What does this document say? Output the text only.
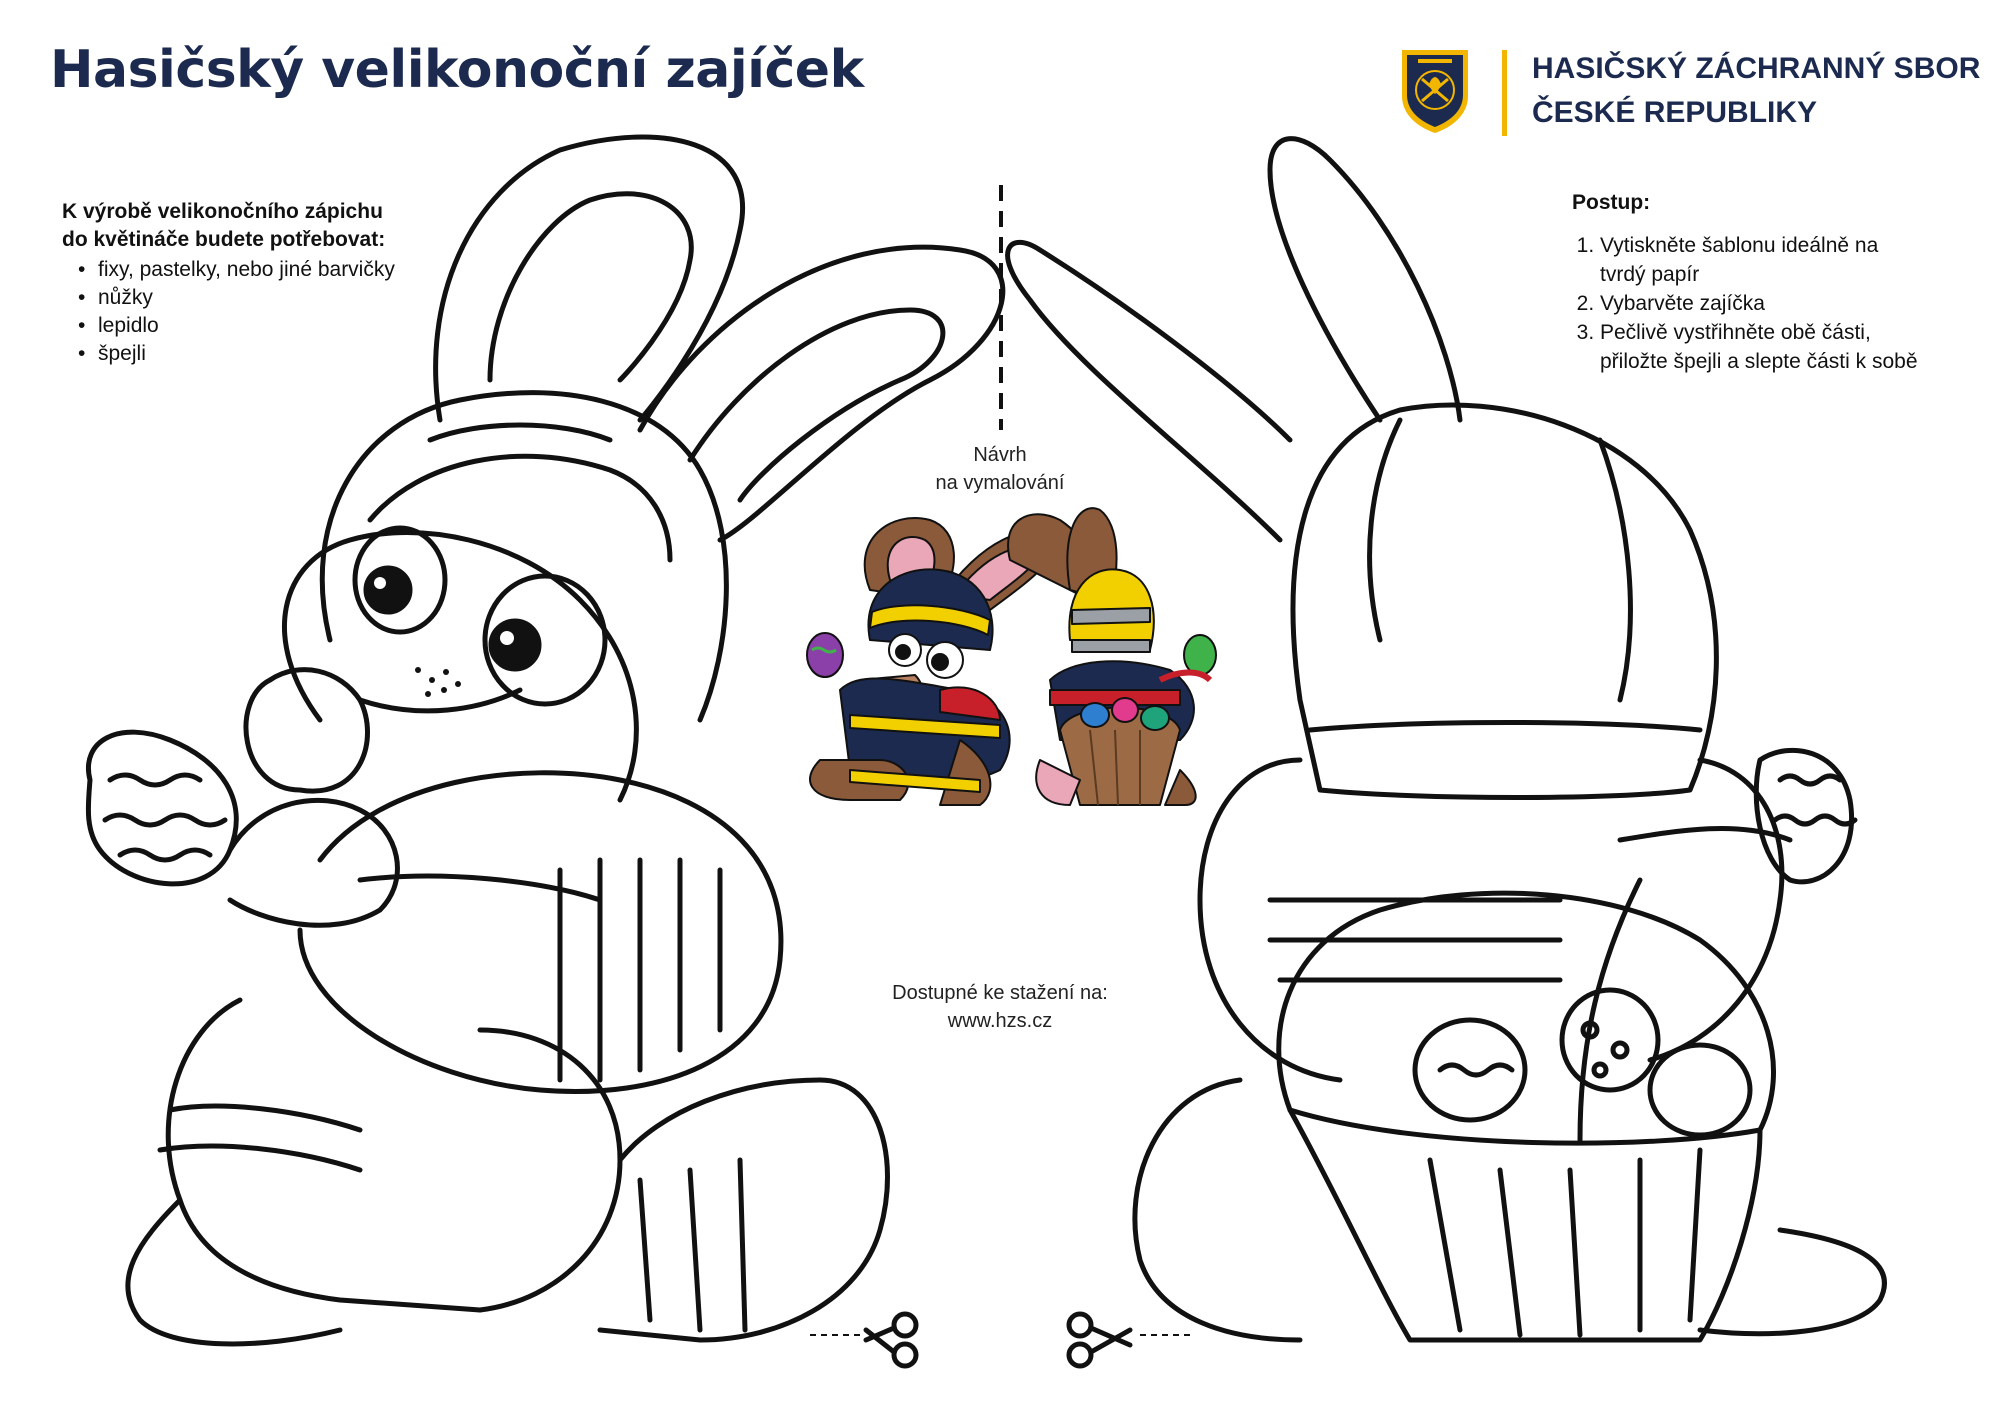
Hasičský velikonoční zajíček	HASIČSKÝ ZÁCHRANNÝ SBOR
ČESKÉ REPUBLIKY

K výrobě velikonočního zápichu
do květináče budete potřebovat:

• fixy, pastelky, nebo jiné barvičky
• nůžky
• lepidlo
• špejli

Postup:

1. Vytiskněte šablonu ideálně na
tvrdý papír
2. Vybarvěte zajíčka
3. Pečlivě vystřihněte obě části,
přiložte špejli a slepte části k sobě
Návrh
na vymalování
Dostupné ke stažení na:
www.hzs.cz
